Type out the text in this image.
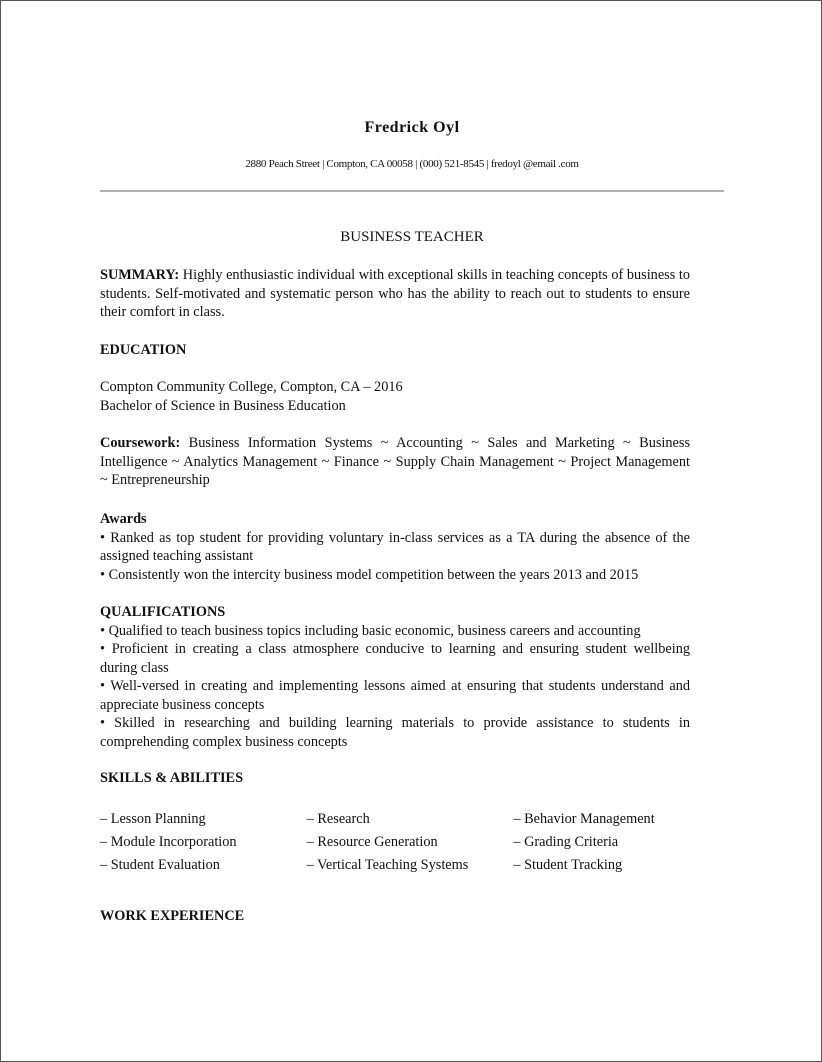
Fredrick Oyl
2880 Peach Street | Compton, CA 00058 | (000) 521-8545 | fredoyl @email .com
BUSINESS TEACHER
SUMMARY: Highly enthusiastic individual with exceptional skills in teaching concepts of business to students. Self-motivated and systematic person who has the ability to reach out to students to ensure their comfort in class.
EDUCATION
Compton Community College, Compton, CA – 2016
Bachelor of Science in Business Education
Coursework: Business Information Systems ~ Accounting ~ Sales and Marketing ~ Business Intelligence ~ Analytics Management ~ Finance ~ Supply Chain Management ~ Project Management ~ Entrepreneurship
Awards
• Ranked as top student for providing voluntary in-class services as a TA during the absence of the assigned teaching assistant
• Consistently won the intercity business model competition between the years 2013 and 2015
QUALIFICATIONS
• Qualified to teach business topics including basic economic, business careers and accounting
• Proficient in creating a class atmosphere conducive to learning and ensuring student wellbeing during class
• Well-versed in creating and implementing lessons aimed at ensuring that students understand and appreciate business concepts
• Skilled in researching and building learning materials to provide assistance to students in comprehending complex business concepts
SKILLS & ABILITIES
– Lesson Planning	– Research	– Behavior Management
– Module Incorporation	– Resource Generation	– Grading Criteria
– Student Evaluation	– Vertical Teaching Systems	– Student Tracking
WORK EXPERIENCE
